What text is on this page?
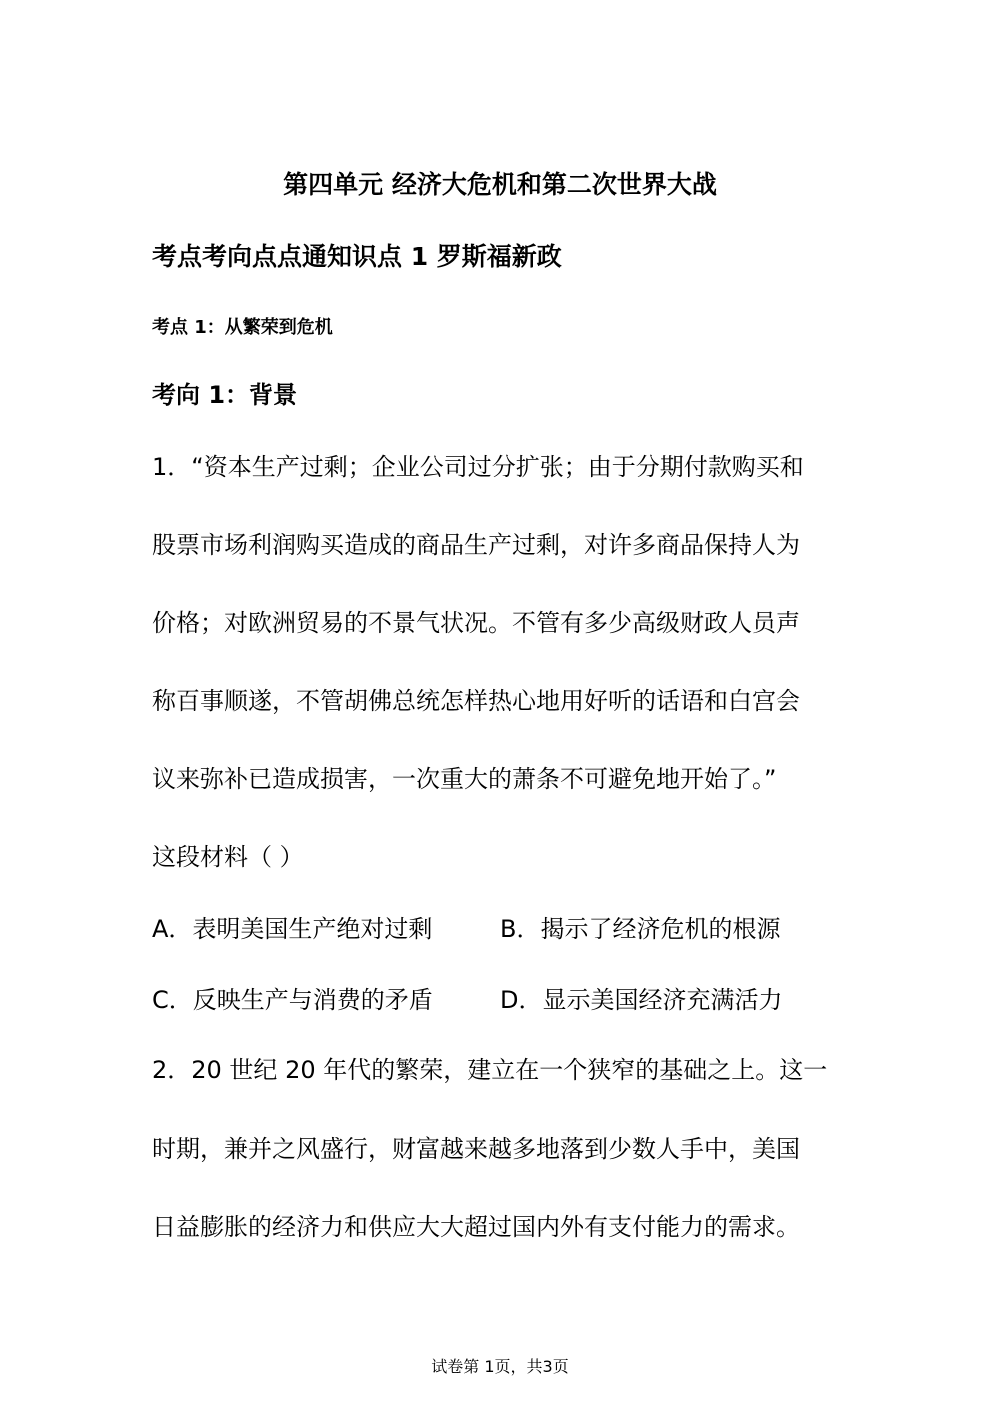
第四单元 经济大危机和第二次世界大战
考点考向点点通知识点 1 罗斯福新政
考点 1：从繁荣到危机
考向 1：背景
1．“资本生产过剩；企业公司过分扩张；由于分期付款购买和
股票市场利润购买造成的商品生产过剩，对许多商品保持人为
价格；对欧洲贸易的不景气状况。不管有多少高级财政人员声
称百事顺遂，不管胡佛总统怎样热心地用好听的话语和白宫会
议来弥补已造成损害，一次重大的萧条不可避免地开始了。”
这段材料（ ）
A．表明美国生产绝对过剩	B．揭示了经济危机的根源
C．反映生产与消费的矛盾	D．显示美国经济充满活力
2．20 世纪 20 年代的繁荣，建立在一个狭窄的基础之上。这一
时期，兼并之风盛行，财富越来越多地落到少数人手中，美国
日益膨胀的经济力和供应大大超过国内外有支付能力的需求。
试卷第 1页，共3页
